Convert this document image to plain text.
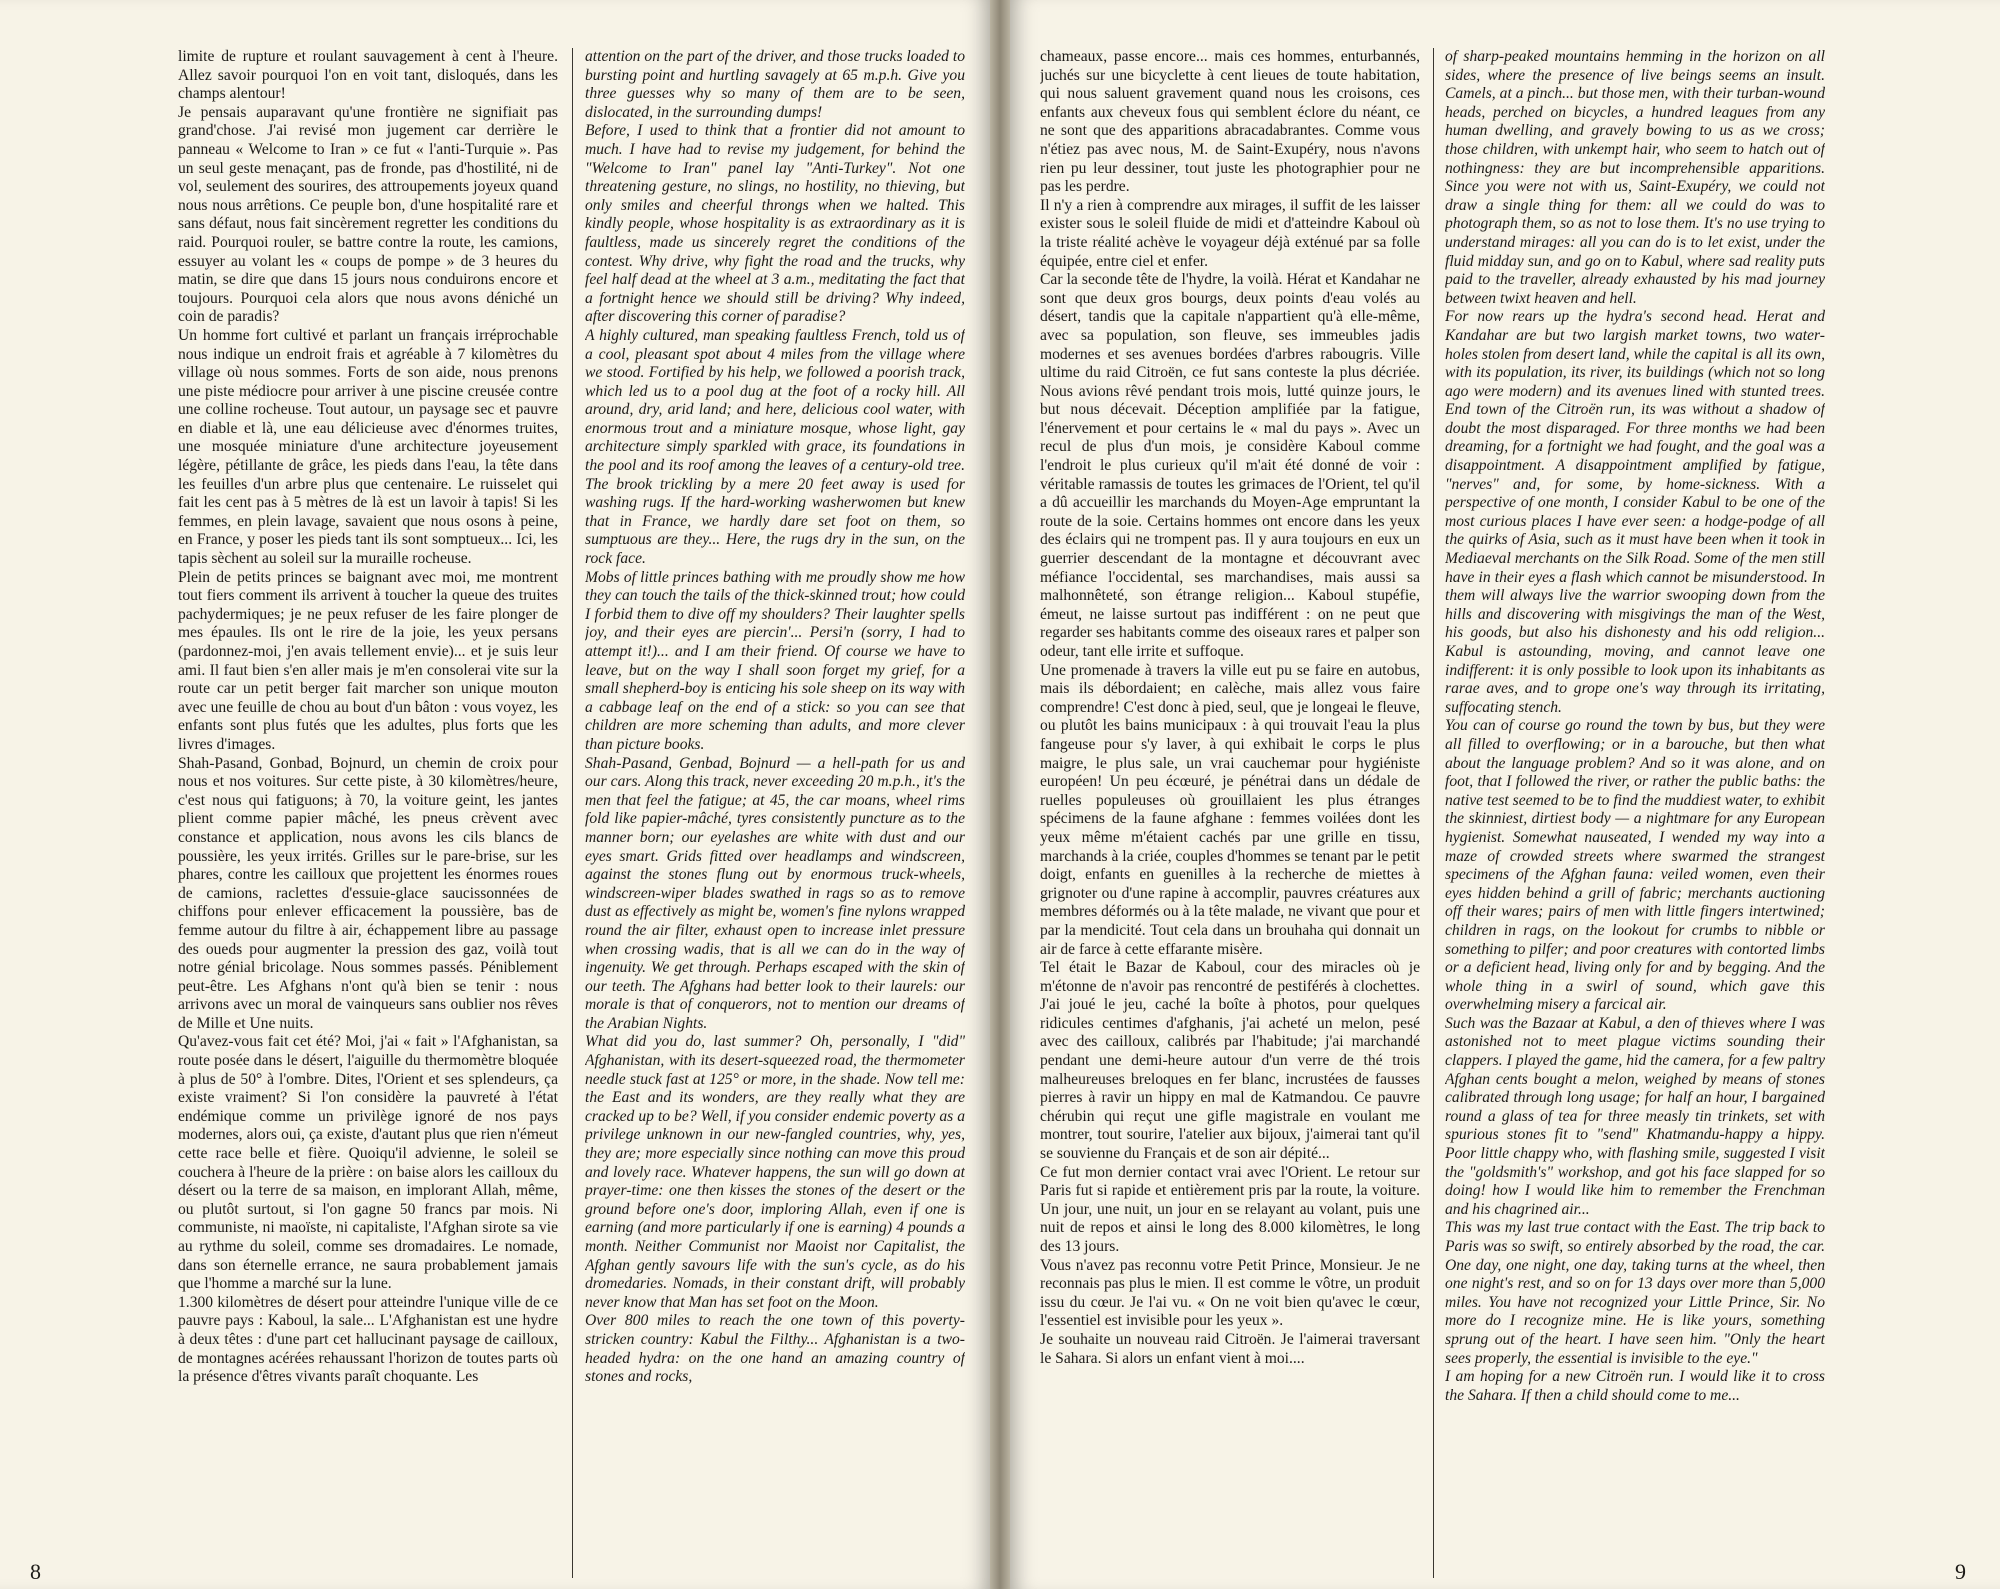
limite de rupture et roulant sauvagement à cent à l'heure. Allez savoir pourquoi l'on en voit tant, disloqués, dans les champs alentour!

Je pensais auparavant qu'une frontière ne signifiait pas grand'chose. J'ai revisé mon jugement car derrière le panneau « Welcome to Iran » ce fut « l'anti-Turquie ». Pas un seul geste menaçant, pas de fronde, pas d'hostilité, ni de vol, seulement des sourires, des attroupements joyeux quand nous nous arrêtions. Ce peuple bon, d'une hospitalité rare et sans défaut, nous fait sincèrement regretter les conditions du raid. Pourquoi rouler, se battre contre la route, les camions, essuyer au volant les « coups de pompe » de 3 heures du matin, se dire que dans 15 jours nous conduirons encore et toujours. Pourquoi cela alors que nous avons déniché un coin de paradis?

Un homme fort cultivé et parlant un français irréprochable nous indique un endroit frais et agréable à 7 kilomètres du village où nous sommes. Forts de son aide, nous prenons une piste médiocre pour arriver à une piscine creusée contre une colline rocheuse. Tout autour, un paysage sec et pauvre en diable et là, une eau délicieuse avec d'énormes truites, une mosquée miniature d'une architecture joyeusement légère, pétillante de grâce, les pieds dans l'eau, la tête dans les feuilles d'un arbre plus que centenaire. Le ruisselet qui fait les cent pas à 5 mètres de là est un lavoir à tapis! Si les femmes, en plein lavage, savaient que nous osons à peine, en France, y poser les pieds tant ils sont somptueux... Ici, les tapis sèchent au soleil sur la muraille rocheuse.

Plein de petits princes se baignant avec moi, me montrent tout fiers comment ils arrivent à toucher la queue des truites pachydermiques; je ne peux refuser de les faire plonger de mes épaules. Ils ont le rire de la joie, les yeux persans (pardonnez-moi, j'en avais tellement envie)... et je suis leur ami. Il faut bien s'en aller mais je m'en consolerai vite sur la route car un petit berger fait marcher son unique mouton avec une feuille de chou au bout d'un bâton : vous voyez, les enfants sont plus futés que les adultes, plus forts que les livres d'images.

Shah-Pasand, Gonbad, Bojnurd, un chemin de croix pour nous et nos voitures. Sur cette piste, à 30 kilomètres/heure, c'est nous qui fatiguons; à 70, la voiture geint, les jantes plient comme papier mâché, les pneus crèvent avec constance et application, nous avons les cils blancs de poussière, les yeux irrités. Grilles sur le pare-brise, sur les phares, contre les cailloux que projettent les énormes roues de camions, raclettes d'essuie-glace saucissonnées de chiffons pour enlever efficacement la poussière, bas de femme autour du filtre à air, échappement libre au passage des oueds pour augmenter la pression des gaz, voilà tout notre génial bricolage. Nous sommes passés. Péniblement peut-être. Les Afghans n'ont qu'à bien se tenir : nous arrivons avec un moral de vainqueurs sans oublier nos rêves de Mille et Une nuits.

Qu'avez-vous fait cet été? Moi, j'ai « fait » l'Afghanistan, sa route posée dans le désert, l'aiguille du thermomètre bloquée à plus de 50° à l'ombre. Dites, l'Orient et ses splendeurs, ça existe vraiment? Si l'on considère la pauvreté à l'état endémique comme un privilège ignoré de nos pays modernes, alors oui, ça existe, d'autant plus que rien n'émeut cette race belle et fière. Quoiqu'il advienne, le soleil se couchera à l'heure de la prière : on baise alors les cailloux du désert ou la terre de sa maison, en implorant Allah, même, ou plutôt surtout, si l'on gagne 50 francs par mois. Ni communiste, ni maoïste, ni capitaliste, l'Afghan sirote sa vie au rythme du soleil, comme ses dromadaires. Le nomade, dans son éternelle errance, ne saura probablement jamais que l'homme a marché sur la lune.

1.300 kilomètres de désert pour atteindre l'unique ville de ce pauvre pays : Kaboul, la sale... L'Afghanistan est une hydre à deux têtes : d'une part cet hallucinant paysage de cailloux, de montagnes acérées rehaussant l'horizon de toutes parts où la présence d'êtres vivants paraît choquante. Les

attention on the part of the driver, and those trucks loaded to bursting point and hurtling savagely at 65 m.p.h. Give you three guesses why so many of them are to be seen, dislocated, in the surrounding dumps!

Before, I used to think that a frontier did not amount to much. I have had to revise my judgement, for behind the "Welcome to Iran" panel lay "Anti-Turkey". Not one threatening gesture, no slings, no hostility, no thieving, but only smiles and cheerful throngs when we halted. This kindly people, whose hospitality is as extraordinary as it is faultless, made us sincerely regret the conditions of the contest. Why drive, why fight the road and the trucks, why feel half dead at the wheel at 3 a.m., meditating the fact that a fortnight hence we should still be driving? Why indeed, after discovering this corner of paradise?

A highly cultured, man speaking faultless French, told us of a cool, pleasant spot about 4 miles from the village where we stood. Fortified by his help, we followed a poorish track, which led us to a pool dug at the foot of a rocky hill. All around, dry, arid land; and here, delicious cool water, with enormous trout and a miniature mosque, whose light, gay architecture simply sparkled with grace, its foundations in the pool and its roof among the leaves of a century-old tree. The brook trickling by a mere 20 feet away is used for washing rugs. If the hard-working washerwomen but knew that in France, we hardly dare set foot on them, so sumptuous are they... Here, the rugs dry in the sun, on the rock face.

Mobs of little princes bathing with me proudly show me how they can touch the tails of the thick-skinned trout; how could I forbid them to dive off my shoulders? Their laughter spells joy, and their eyes are piercin'... Persi'n (sorry, I had to attempt it!)... and I am their friend. Of course we have to leave, but on the way I shall soon forget my grief, for a small shepherd-boy is enticing his sole sheep on its way with a cabbage leaf on the end of a stick: so you can see that children are more scheming than adults, and more clever than picture books.

Shah-Pasand, Genbad, Bojnurd — a hell-path for us and our cars. Along this track, never exceeding 20 m.p.h., it's the men that feel the fatigue; at 45, the car moans, wheel rims fold like papier-mâché, tyres consistently puncture as to the manner born; our eyelashes are white with dust and our eyes smart. Grids fitted over headlamps and windscreen, against the stones flung out by enormous truck-wheels, windscreen-wiper blades swathed in rags so as to remove dust as effectively as might be, women's fine nylons wrapped round the air filter, exhaust open to increase inlet pressure when crossing wadis, that is all we can do in the way of ingenuity. We get through. Perhaps escaped with the skin of our teeth. The Afghans had better look to their laurels: our morale is that of conquerors, not to mention our dreams of the Arabian Nights.

What did you do, last summer? Oh, personally, I "did" Afghanistan, with its desert-squeezed road, the thermometer needle stuck fast at 125° or more, in the shade. Now tell me: the East and its wonders, are they really what they are cracked up to be? Well, if you consider endemic poverty as a privilege unknown in our new-fangled countries, why, yes, they are; more especially since nothing can move this proud and lovely race. Whatever happens, the sun will go down at prayer-time: one then kisses the stones of the desert or the ground before one's door, imploring Allah, even if one is earning (and more particularly if one is earning) 4 pounds a month. Neither Communist nor Maoist nor Capitalist, the Afghan gently savours life with the sun's cycle, as do his dromedaries. Nomads, in their constant drift, will probably never know that Man has set foot on the Moon.

Over 800 miles to reach the one town of this poverty-stricken country: Kabul the Filthy... Afghanistan is a two-headed hydra: on the one hand an amazing country of stones and rocks,

8

chameaux, passe encore... mais ces hommes, enturbannés, juchés sur une bicyclette à cent lieues de toute habitation, qui nous saluent gravement quand nous les croisons, ces enfants aux cheveux fous qui semblent éclore du néant, ce ne sont que des apparitions abracadabrantes. Comme vous n'étiez pas avec nous, M. de Saint-Exupéry, nous n'avons rien pu leur dessiner, tout juste les photographier pour ne pas les perdre.

Il n'y a rien à comprendre aux mirages, il suffit de les laisser exister sous le soleil fluide de midi et d'atteindre Kaboul où la triste réalité achève le voyageur déjà exténué par sa folle équipée, entre ciel et enfer.

Car la seconde tête de l'hydre, la voilà. Hérat et Kandahar ne sont que deux gros bourgs, deux points d'eau volés au désert, tandis que la capitale n'appartient qu'à elle-même, avec sa population, son fleuve, ses immeubles jadis modernes et ses avenues bordées d'arbres rabougris. Ville ultime du raid Citroën, ce fut sans conteste la plus décriée. Nous avions rêvé pendant trois mois, lutté quinze jours, le but nous décevait. Déception amplifiée par la fatigue, l'énervement et pour certains le « mal du pays ». Avec un recul de plus d'un mois, je considère Kaboul comme l'endroit le plus curieux qu'il m'ait été donné de voir : véritable ramassis de toutes les grimaces de l'Orient, tel qu'il a dû accueillir les marchands du Moyen-Age empruntant la route de la soie. Certains hommes ont encore dans les yeux des éclairs qui ne trompent pas. Il y aura toujours en eux un guerrier descendant de la montagne et découvrant avec méfiance l'occidental, ses marchandises, mais aussi sa malhonnêteté, son étrange religion... Kaboul stupéfie, émeut, ne laisse surtout pas indifférent : on ne peut que regarder ses habitants comme des oiseaux rares et palper son odeur, tant elle irrite et suffoque.

Une promenade à travers la ville eut pu se faire en autobus, mais ils débordaient; en calèche, mais allez vous faire comprendre! C'est donc à pied, seul, que je longeai le fleuve, ou plutôt les bains municipaux : à qui trouvait l'eau la plus fangeuse pour s'y laver, à qui exhibait le corps le plus maigre, le plus sale, un vrai cauchemar pour hygiéniste européen! Un peu écœuré, je pénétrai dans un dédale de ruelles populeuses où grouillaient les plus étranges spécimens de la faune afghane : femmes voilées dont les yeux même m'étaient cachés par une grille en tissu, marchands à la criée, couples d'hommes se tenant par le petit doigt, enfants en guenilles à la recherche de miettes à grignoter ou d'une rapine à accomplir, pauvres créatures aux membres déformés ou à la tête malade, ne vivant que pour et par la mendicité. Tout cela dans un brouhaha qui donnait un air de farce à cette effarante misère.

Tel était le Bazar de Kaboul, cour des miracles où je m'étonne de n'avoir pas rencontré de pestiférés à clochettes. J'ai joué le jeu, caché la boîte à photos, pour quelques ridicules centimes d'afghanis, j'ai acheté un melon, pesé avec des cailloux, calibrés par l'habitude; j'ai marchandé pendant une demi-heure autour d'un verre de thé trois malheureuses breloques en fer blanc, incrustées de fausses pierres à ravir un hippy en mal de Katmandou. Ce pauvre chérubin qui reçut une gifle magistrale en voulant me montrer, tout sourire, l'atelier aux bijoux, j'aimerai tant qu'il se souvienne du Français et de son air dépité...

Ce fut mon dernier contact vrai avec l'Orient. Le retour sur Paris fut si rapide et entièrement pris par la route, la voiture. Un jour, une nuit, un jour en se relayant au volant, puis une nuit de repos et ainsi le long des 8.000 kilomètres, le long des 13 jours.

Vous n'avez pas reconnu votre Petit Prince, Monsieur. Je ne reconnais pas plus le mien. Il est comme le vôtre, un produit issu du cœur. Je l'ai vu. « On ne voit bien qu'avec le cœur, l'essentiel est invisible pour les yeux ».

Je souhaite un nouveau raid Citroën. Je l'aimerai traversant le Sahara. Si alors un enfant vient à moi....

of sharp-peaked mountains hemming in the horizon on all sides, where the presence of live beings seems an insult. Camels, at a pinch... but those men, with their turban-wound heads, perched on bicycles, a hundred leagues from any human dwelling, and gravely bowing to us as we cross; those children, with unkempt hair, who seem to hatch out of nothingness: they are but incomprehensible apparitions. Since you were not with us, Saint-Exupéry, we could not draw a single thing for them: all we could do was to photograph them, so as not to lose them. It's no use trying to understand mirages: all you can do is to let exist, under the fluid midday sun, and go on to Kabul, where sad reality puts paid to the traveller, already exhausted by his mad journey between twixt heaven and hell.

For now rears up the hydra's second head. Herat and Kandahar are but two largish market towns, two water-holes stolen from desert land, while the capital is all its own, with its population, its river, its buildings (which not so long ago were modern) and its avenues lined with stunted trees. End town of the Citroën run, its was without a shadow of doubt the most disparaged. For three months we had been dreaming, for a fortnight we had fought, and the goal was a disappointment. A disappointment amplified by fatigue, "nerves" and, for some, by home-sickness. With a perspective of one month, I consider Kabul to be one of the most curious places I have ever seen: a hodge-podge of all the quirks of Asia, such as it must have been when it took in Mediaeval merchants on the Silk Road. Some of the men still have in their eyes a flash which cannot be misunderstood. In them will always live the warrior swooping down from the hills and discovering with misgivings the man of the West, his goods, but also his dishonesty and his odd religion... Kabul is astounding, moving, and cannot leave one indifferent: it is only possible to look upon its inhabitants as rarae aves, and to grope one's way through its irritating, suffocating stench.

You can of course go round the town by bus, but they were all filled to overflowing; or in a barouche, but then what about the language problem? And so it was alone, and on foot, that I followed the river, or rather the public baths: the native test seemed to be to find the muddiest water, to exhibit the skinniest, dirtiest body — a nightmare for any European hygienist. Somewhat nauseated, I wended my way into a maze of crowded streets where swarmed the strangest specimens of the Afghan fauna: veiled women, even their eyes hidden behind a grill of fabric; merchants auctioning off their wares; pairs of men with little fingers intertwined; children in rags, on the lookout for crumbs to nibble or something to pilfer; and poor creatures with contorted limbs or a deficient head, living only for and by begging. And the whole thing in a swirl of sound, which gave this overwhelming misery a farcical air.

Such was the Bazaar at Kabul, a den of thieves where I was astonished not to meet plague victims sounding their clappers. I played the game, hid the camera, for a few paltry Afghan cents bought a melon, weighed by means of stones calibrated through long usage; for half an hour, I bargained round a glass of tea for three measly tin trinkets, set with spurious stones fit to "send" Khatmandu-happy a hippy. Poor little chappy who, with flashing smile, suggested I visit the "goldsmith's" workshop, and got his face slapped for so doing! how I would like him to remember the Frenchman and his chagrined air...

This was my last true contact with the East. The trip back to Paris was so swift, so entirely absorbed by the road, the car. One day, one night, one day, taking turns at the wheel, then one night's rest, and so on for 13 days over more than 5,000 miles. You have not recognized your Little Prince, Sir. No more do I recognize mine. He is like yours, something sprung out of the heart. I have seen him. "Only the heart sees properly, the essential is invisible to the eye."

I am hoping for a new Citroën run. I would like it to cross the Sahara. If then a child should come to me...

9
